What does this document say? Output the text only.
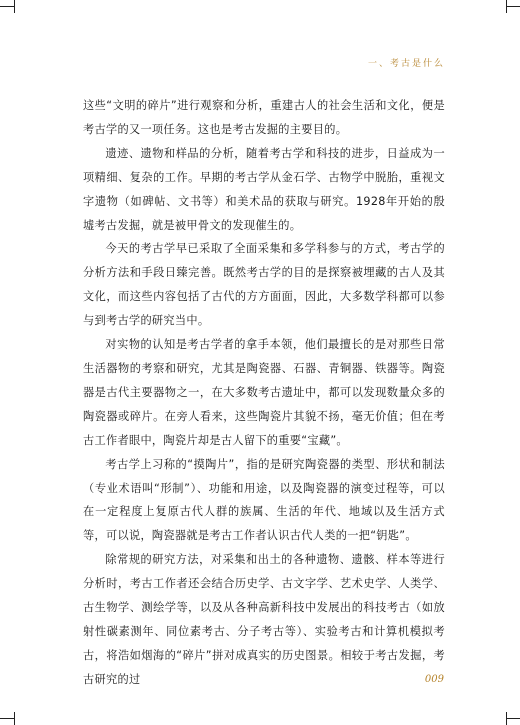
一、考古是什么

这些“文明的碎片”进行观察和分析，重建古人的社会生活和文化，便是考古学的又一项任务。这也是考古发掘的主要目的。

遗迹、遗物和样品的分析，随着考古学和科技的进步，日益成为一项精细、复杂的工作。早期的考古学从金石学、古物学中脱胎，重视文字遗物（如碑帖、文书等）和美术品的获取与研究。1928年开始的殷墟考古发掘，就是被甲骨文的发现催生的。

今天的考古学早已采取了全面采集和多学科参与的方式，考古学的分析方法和手段日臻完善。既然考古学的目的是探察被埋藏的古人及其文化，而这些内容包括了古代的方方面面，因此，大多数学科都可以参与到考古学的研究当中。

对实物的认知是考古学者的拿手本领，他们最擅长的是对那些日常生活器物的考察和研究，尤其是陶瓷器、石器、青铜器、铁器等。陶瓷器是古代主要器物之一，在大多数考古遗址中，都可以发现数量众多的陶瓷器或碎片。在旁人看来，这些陶瓷片其貌不扬，毫无价值；但在考古工作者眼中，陶瓷片却是古人留下的重要“宝藏”。

考古学上习称的“摸陶片”，指的是研究陶瓷器的类型、形状和制法（专业术语叫“形制”）、功能和用途，以及陶瓷器的演变过程等，可以在一定程度上复原古代人群的族属、生活的年代、地域以及生活方式等，可以说，陶瓷器就是考古工作者认识古代人类的一把“钥匙”。

除常规的研究方法，对采集和出土的各种遗物、遗骸、样本等进行分析时，考古工作者还会结合历史学、古文字学、艺术史学、人类学、古生物学、测绘学等，以及从各种高新科技中发展出的科技考古（如放射性碳素测年、同位素考古、分子考古等）、实验考古和计算机模拟考古，将浩如烟海的“碎片”拼对成真实的历史图景。相较于考古发掘，考古研究的过	009
